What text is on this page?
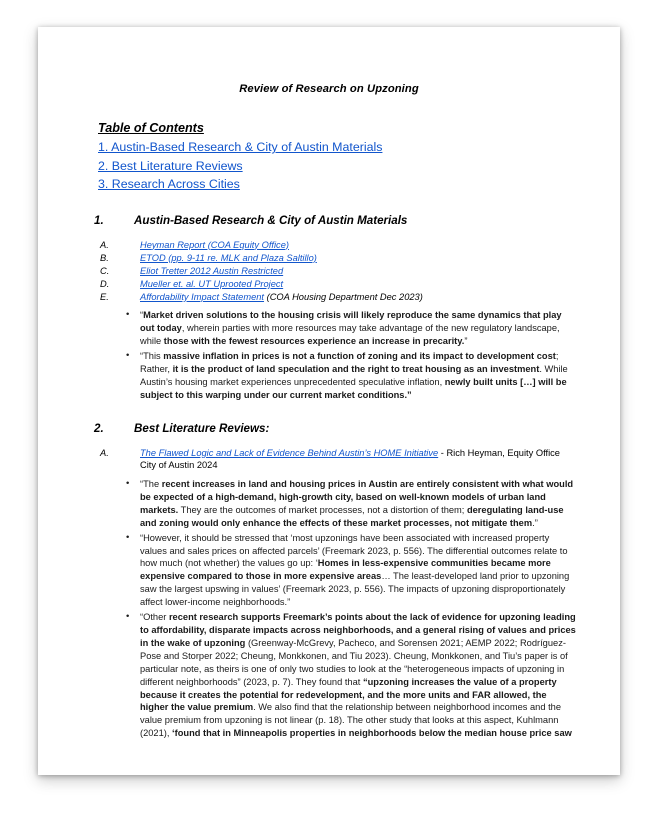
Review of Research on Upzoning
Table of Contents
1. Austin-Based Research & City of Austin Materials
2. Best Literature Reviews
3. Research Across Cities
1.	Austin-Based Research & City of Austin Materials
A.	Heyman Report (COA Equity Office)
B.	ETOD (pp. 9-11 re. MLK and Plaza Saltillo)
C.	Eliot Tretter 2012 Austin Restricted
D.	Mueller et. al. UT Uprooted Project
E.	Affordability Impact Statement (COA Housing Department Dec 2023)
• “Market driven solutions to the housing crisis will likely reproduce the same dynamics that play out today, wherein parties with more resources may take advantage of the new regulatory landscape, while those with the fewest resources experience an increase in precarity.”
• “This massive inflation in prices is not a function of zoning and its impact to development cost; Rather, it is the product of land speculation and the right to treat housing as an investment. While Austin’s housing market experiences unprecedented speculative inflation, newly built units […] will be subject to this warping under our current market conditions.”
2.	Best Literature Reviews:
A.	The Flawed Logic and Lack of Evidence Behind Austin’s HOME Initiative - Rich Heyman, Equity Office City of Austin 2024
• “The recent increases in land and housing prices in Austin are entirely consistent with what would be expected of a high-demand, high-growth city, based on well-known models of urban land markets. They are the outcomes of market processes, not a distortion of them; deregulating land-use and zoning would only enhance the effects of these market processes, not mitigate them.”
• “However, it should be stressed that ‘most upzonings have been associated with increased property values and sales prices on affected parcels’ (Freemark 2023, p. 556). The differential outcomes relate to how much (not whether) the values go up: ‘Homes in less-expensive communities became more expensive compared to those in more expensive areas… The least-developed land prior to upzoning saw the largest upswing in values’ (Freemark 2023, p. 556). The impacts of upzoning disproportionately affect lower-income neighborhoods.”
• “Other recent research supports Freemark’s points about the lack of evidence for upzoning leading to affordability, disparate impacts across neighborhoods, and a general rising of values and prices in the wake of upzoning (Greenway-McGrevy, Pacheco, and Sorensen 2021; AEMP 2022; Rodríguez-Pose and Storper 2022; Cheung, Monkkonen, and Tiu 2023). Cheung, Monkkonen, and Tiu’s paper is of particular note, as theirs is one of only two studies to look at the “heterogeneous impacts of upzoning in different neighborhoods” (2023, p. 7). They found that “upzoning increases the value of a property because it creates the potential for redevelopment, and the more units and FAR allowed, the higher the value premium. We also find that the relationship between neighborhood incomes and the value premium from upzoning is not linear (p. 18). The other study that looks at this aspect, Kuhlmann (2021), ‘found that in Minneapolis properties in neighborhoods below the median house price saw
